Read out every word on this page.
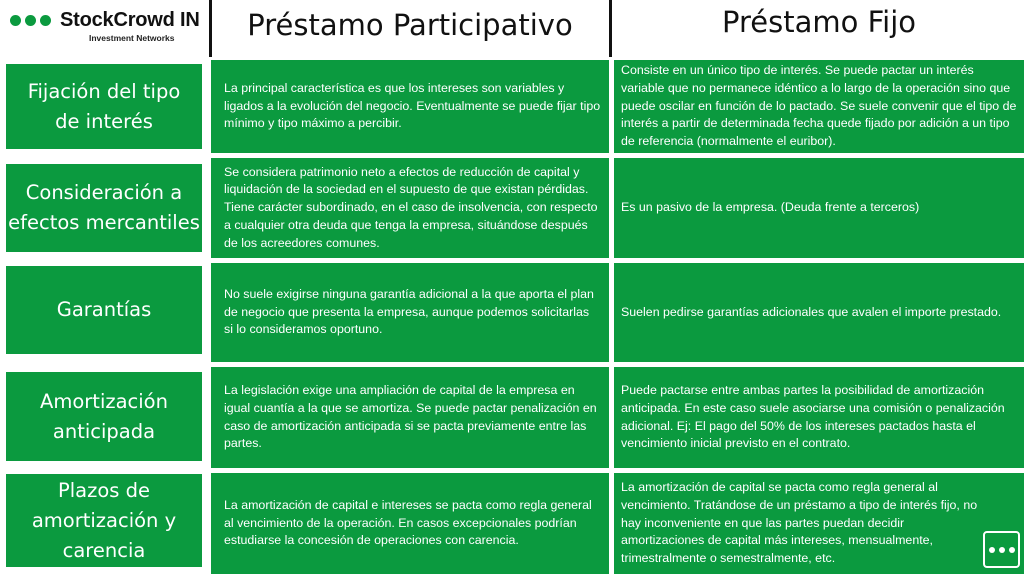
StockCrowd IN
Investment Networks	Préstamo Participativo	Préstamo Fijo
Fijación del tipo
de interés
La principal característica es que los intereses son variables y ligados a la evolución del negocio. Eventualmente se puede fijar tipo mínimo y tipo máximo a percibir.
Consiste en un único tipo de interés. Se puede pactar un interés variable que no permanece idéntico a lo largo de la operación sino que puede oscilar en función de lo pactado. Se suele convenir que el tipo de interés a partir de determinada fecha quede fijado por adición a un tipo de referencia (normalmente el euribor).
Consideración a
efectos mercantiles
Se considera patrimonio neto a efectos de reducción de capital y liquidación de la sociedad en el supuesto de que existan pérdidas. Tiene carácter subordinado, en el caso de insolvencia, con respecto a cualquier otra deuda que tenga la empresa, situándose después de los acreedores comunes.
Es un pasivo de la empresa. (Deuda frente a terceros)
Garantías
No suele exigirse ninguna garantía adicional a la que aporta el plan de negocio que presenta la empresa, aunque podemos solicitarlas si lo consideramos oportuno.
Suelen pedirse garantías adicionales que avalen el importe prestado.
Amortización
anticipada
La legislación exige una ampliación de capital de la empresa en igual cuantía a la que se amortiza. Se puede pactar penalización en caso de amortización anticipada si se pacta previamente entre las partes.
Puede pactarse entre ambas partes la posibilidad de amortización anticipada. En este caso suele asociarse una comisión o penalización adicional. Ej: El pago del 50% de los intereses pactados hasta el vencimiento inicial previsto en el contrato.
Plazos de
amortización y
carencia
La amortización de capital e intereses se pacta como regla general al vencimiento de la operación. En casos excepcionales podrían estudiarse la concesión de operaciones con carencia.
La amortización de capital se pacta como regla general al vencimiento. Tratándose de un préstamo a tipo de interés fijo, no hay inconveniente en que las partes puedan decidir amortizaciones de capital más intereses, mensualmente, trimestralmente o semestralmente, etc.
